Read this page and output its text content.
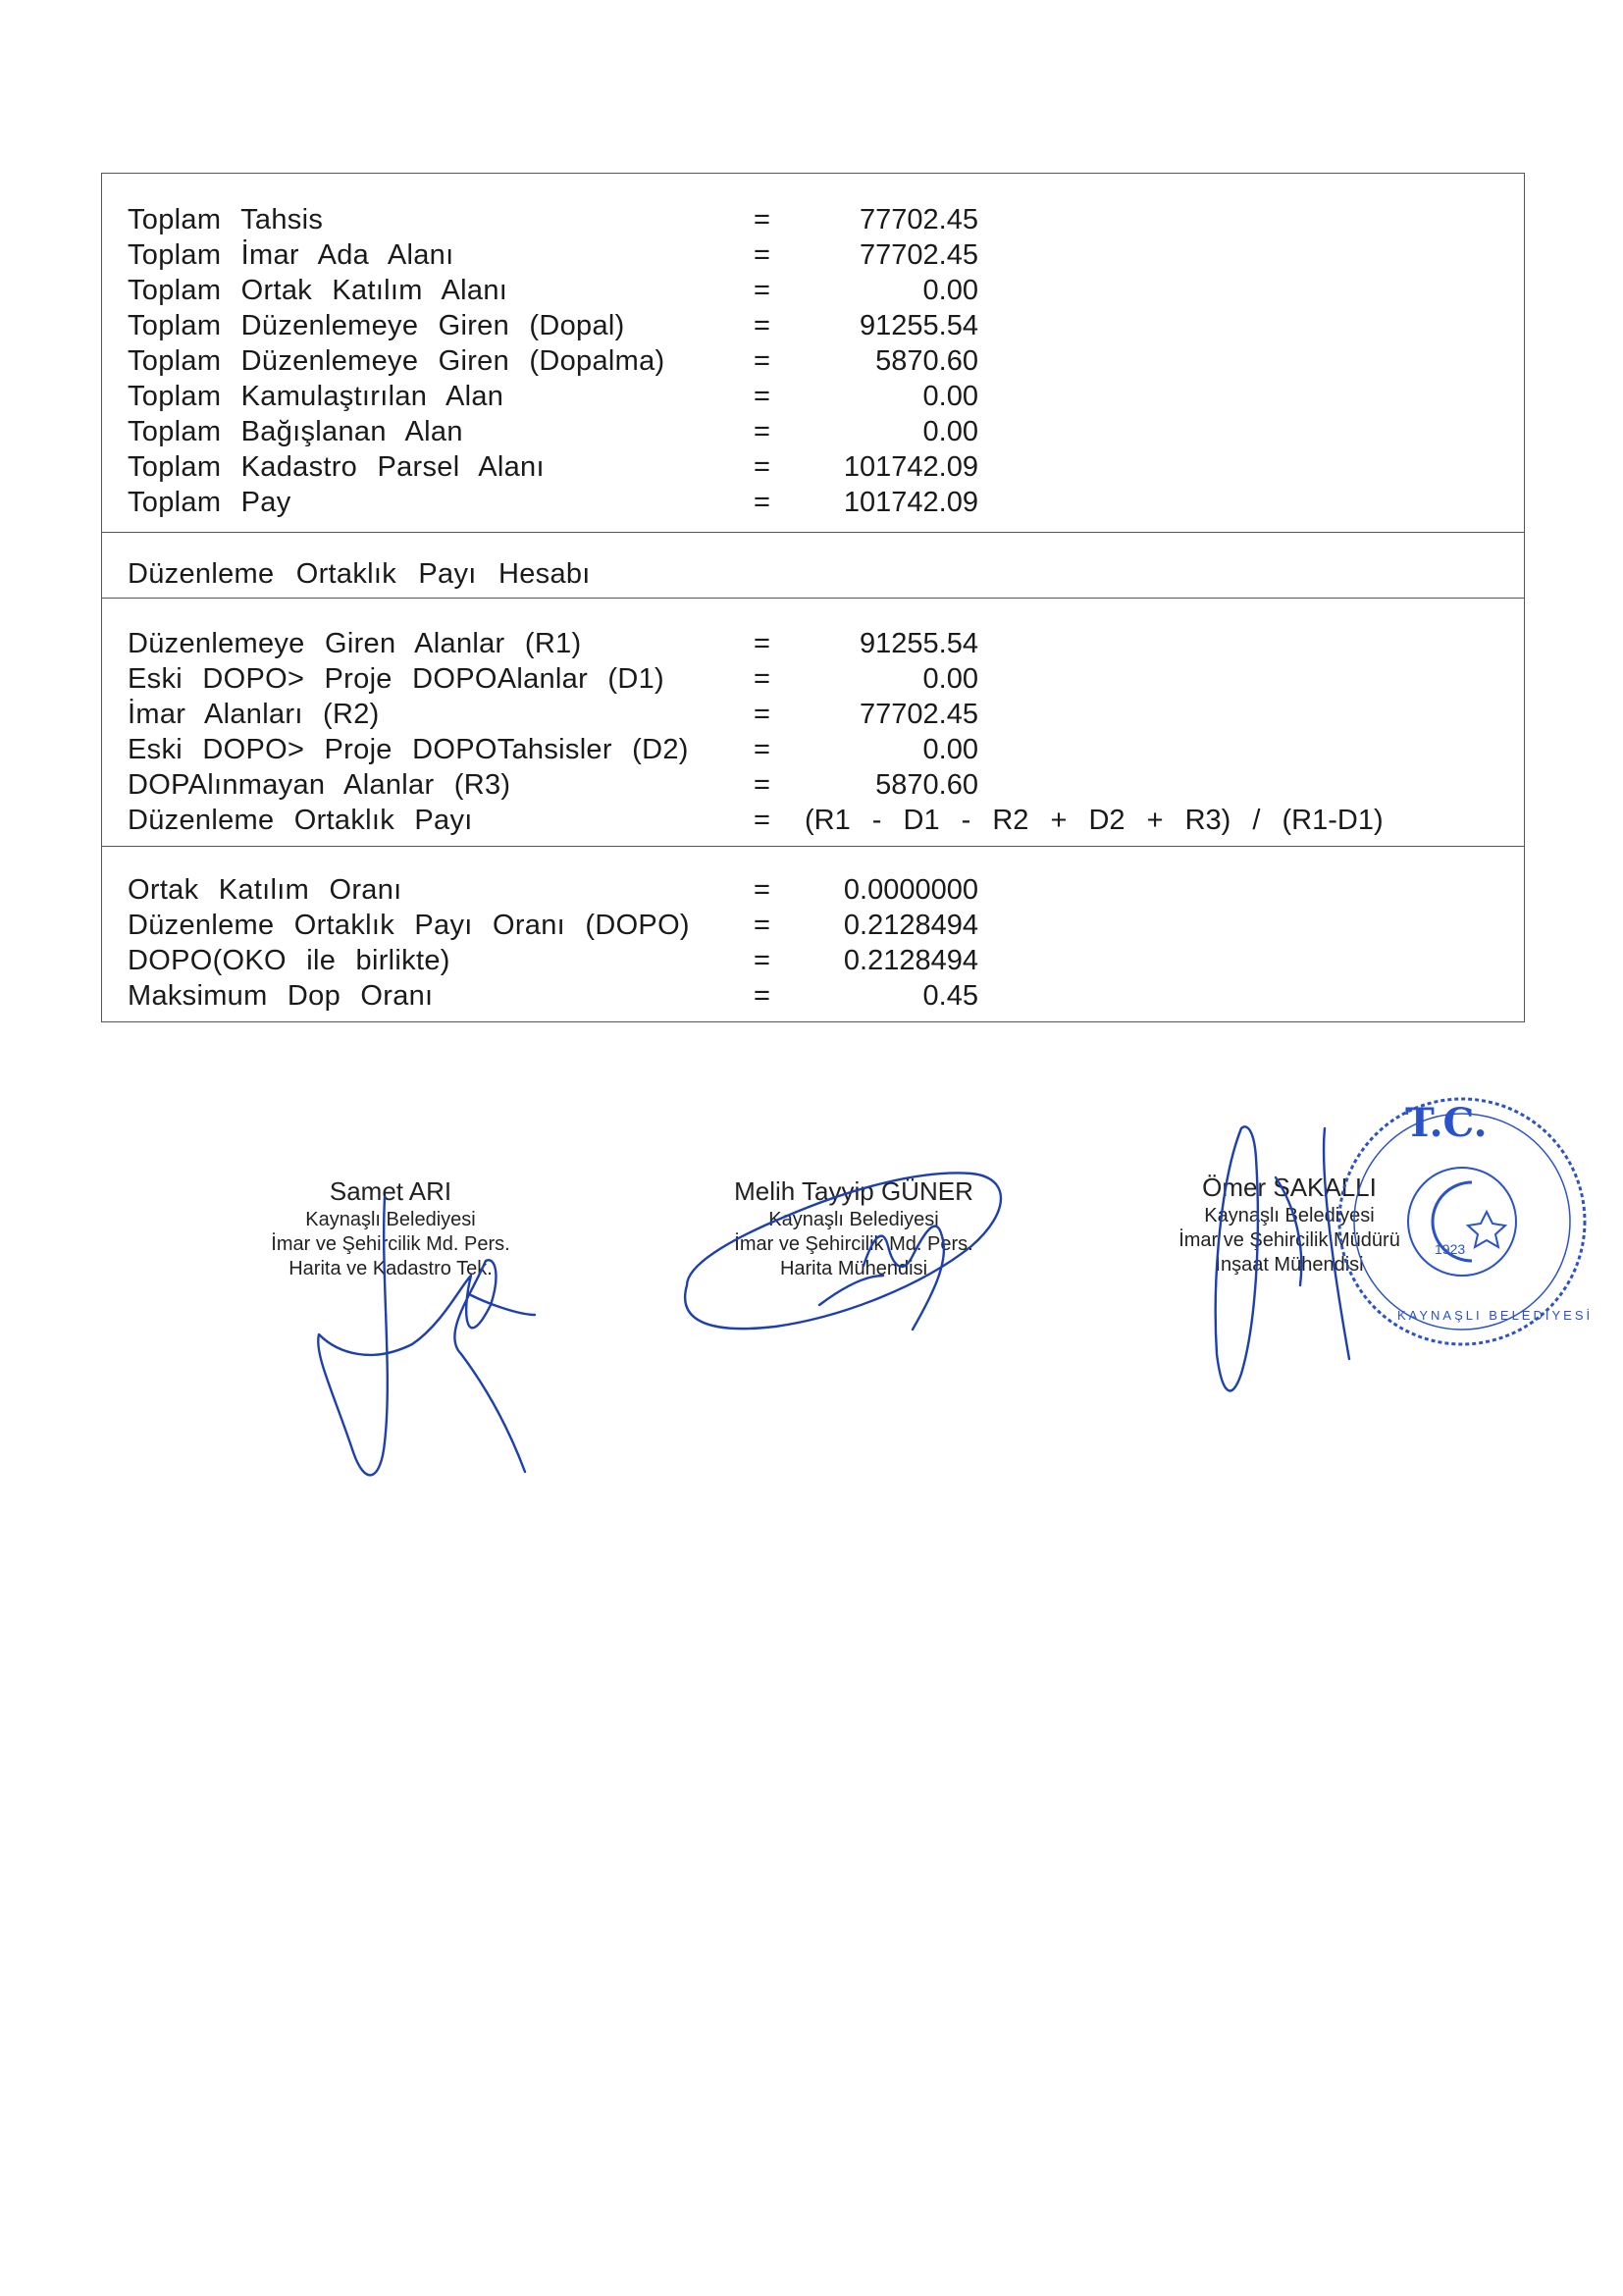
Toplam Tahsis	=	77702.45
Toplam İmar Ada Alanı	=	77702.45
Toplam Ortak Katılım Alanı	=	0.00
Toplam Düzenlemeye Giren (Dopal)	=	91255.54
Toplam Düzenlemeye Giren (Dopalma)	=	5870.60
Toplam Kamulaştırılan Alan	=	0.00
Toplam Bağışlanan Alan	=	0.00
Toplam Kadastro Parsel Alanı	=	101742.09
Toplam Pay	=	101742.09
Düzenleme Ortaklık Payı Hesabı
Düzenlemeye Giren Alanlar (R1)	=	91255.54
Eski DOPO> Proje DOPOAlanlar (D1)	=	0.00
İmar Alanları (R2)	=	77702.45
Eski DOPO> Proje DOPOTahsisler (D2) =	0.00
DOPAlınmayan Alanlar (R3)	=	5870.60
Düzenleme Ortaklık Payı	= (R1 - D1 - R2 + D2 + R3) / (R1-D1)
Ortak Katılım Oranı	=	0.0000000
Düzenleme Ortaklık Payı Oranı (DOPO) =	0.2128494
DOPO(OKO ile birlikte)	=	0.2128494
Maksimum Dop Oranı	=	0.45
Samet ARI
Kaynaşlı Belediyesi
İmar ve Şehircilik Md. Pers.
Harita ve Kadastro Tek.
Melih Tayyip GÜNER
Kaynaşlı Belediyesi
İmar ve Şehircilik Md. Pers.
Harita Mühendisi
Ömer SAKALLI
Kaynaşlı Belediyesi
İmar ve Şehircilik Müdürü
İnşaat Mühendisi
T.C.
1923
KAYNAŞLI BELEDİYESİ
